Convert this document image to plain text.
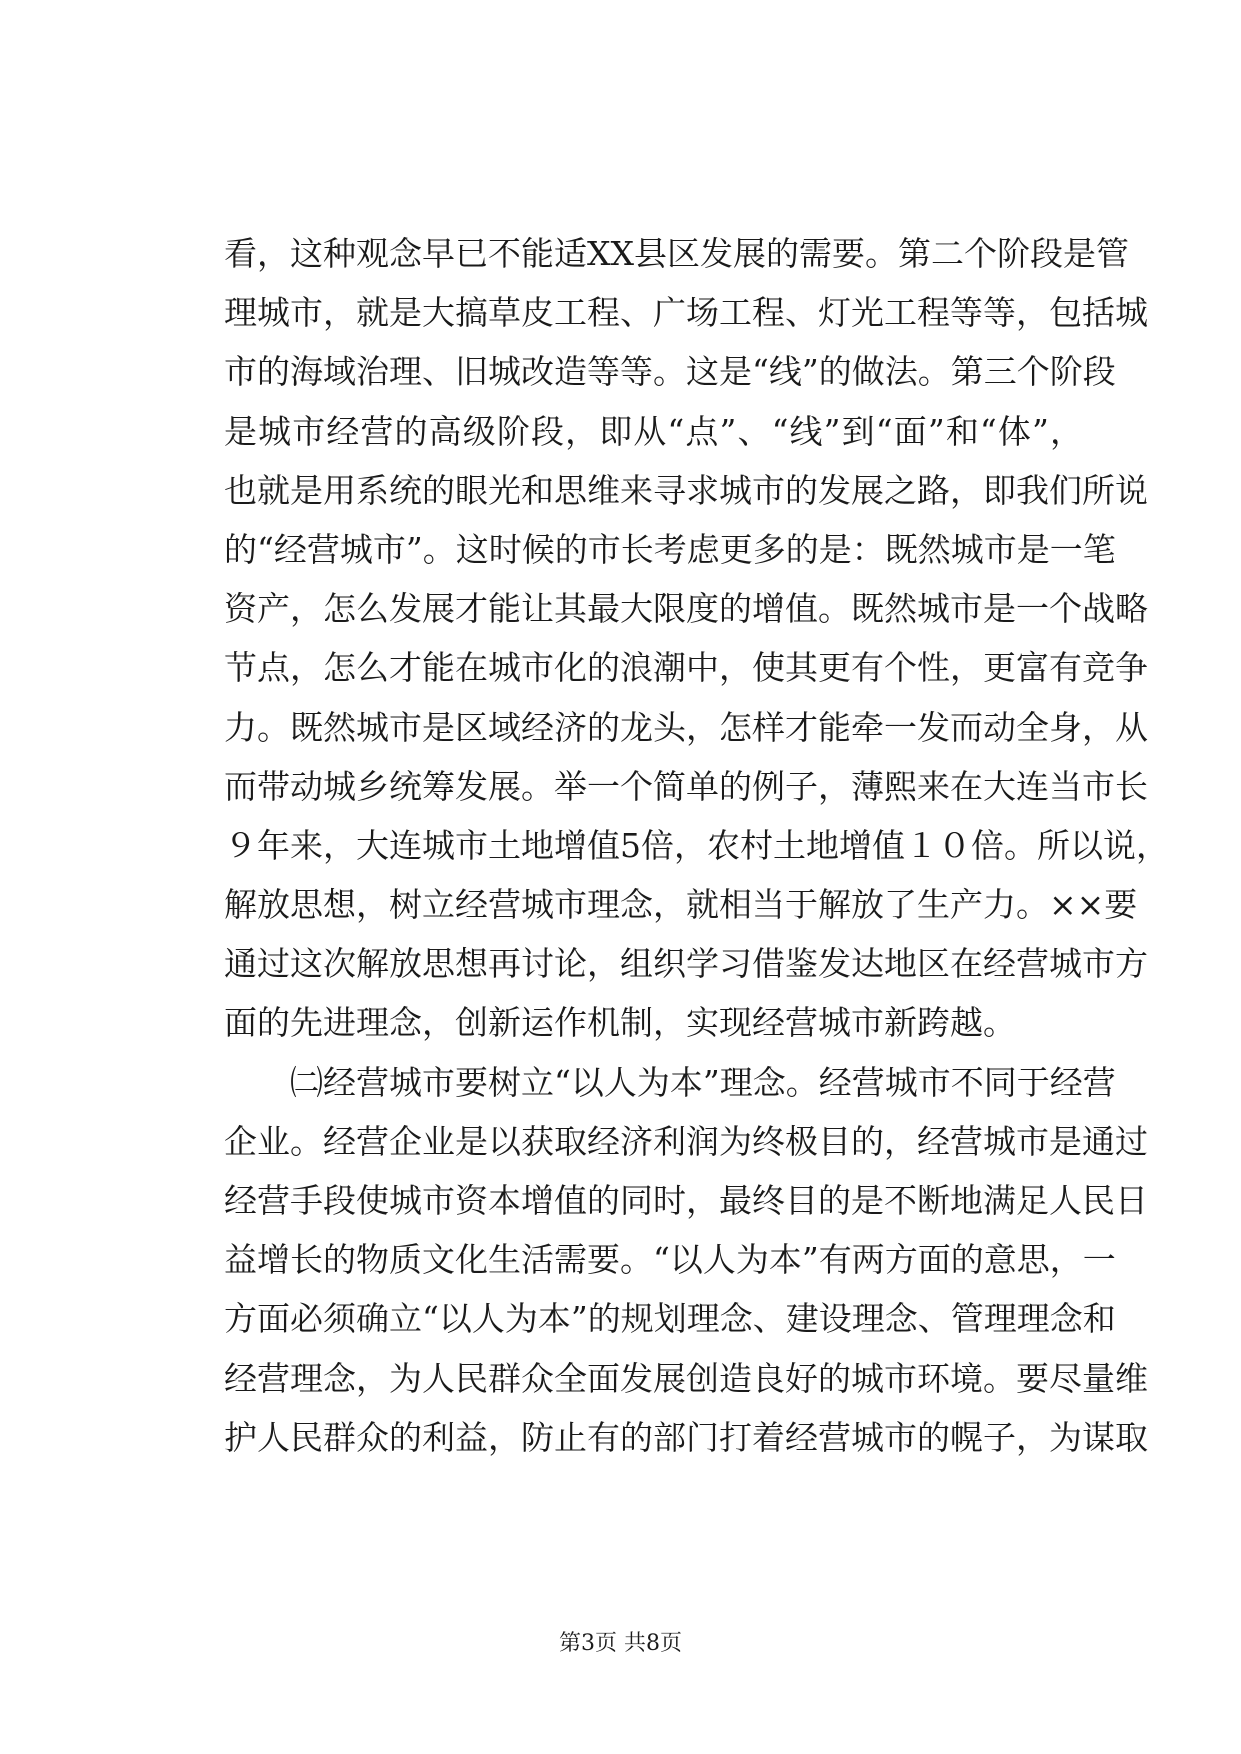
看，这种观念早已不能适XX县区发展的需要。第二个阶段是管
理城市，就是大搞草皮工程、广场工程、灯光工程等等，包括城
市的海域治理、旧城改造等等。这是“线”的做法。第三个阶段
是城市经营的高级阶段，即从“点”、“线”到“面”和“体”，
也就是用系统的眼光和思维来寻求城市的发展之路，即我们所说
的“经营城市”。这时候的市长考虑更多的是：既然城市是一笔
资产，怎么发展才能让其最大限度的增值。既然城市是一个战略
节点，怎么才能在城市化的浪潮中，使其更有个性，更富有竞争
力。既然城市是区域经济的龙头，怎样才能牵一发而动全身，从
而带动城乡统筹发展。举一个简单的例子，薄熙来在大连当市长
９年来，大连城市土地增值5倍，农村土地增值１０倍。所以说，
解放思想，树立经营城市理念，就相当于解放了生产力。××要
通过这次解放思想再讨论，组织学习借鉴发达地区在经营城市方
面的先进理念，创新运作机制，实现经营城市新跨越。
㈡经营城市要树立“以人为本”理念。经营城市不同于经营
企业。经营企业是以获取经济利润为终极目的，经营城市是通过
经营手段使城市资本增值的同时，最终目的是不断地满足人民日
益增长的物质文化生活需要。“以人为本”有两方面的意思，一
方面必须确立“以人为本”的规划理念、建设理念、管理理念和
经营理念，为人民群众全面发展创造良好的城市环境。要尽量维
护人民群众的利益，防止有的部门打着经营城市的幌子，为谋取
第3页 共8页
